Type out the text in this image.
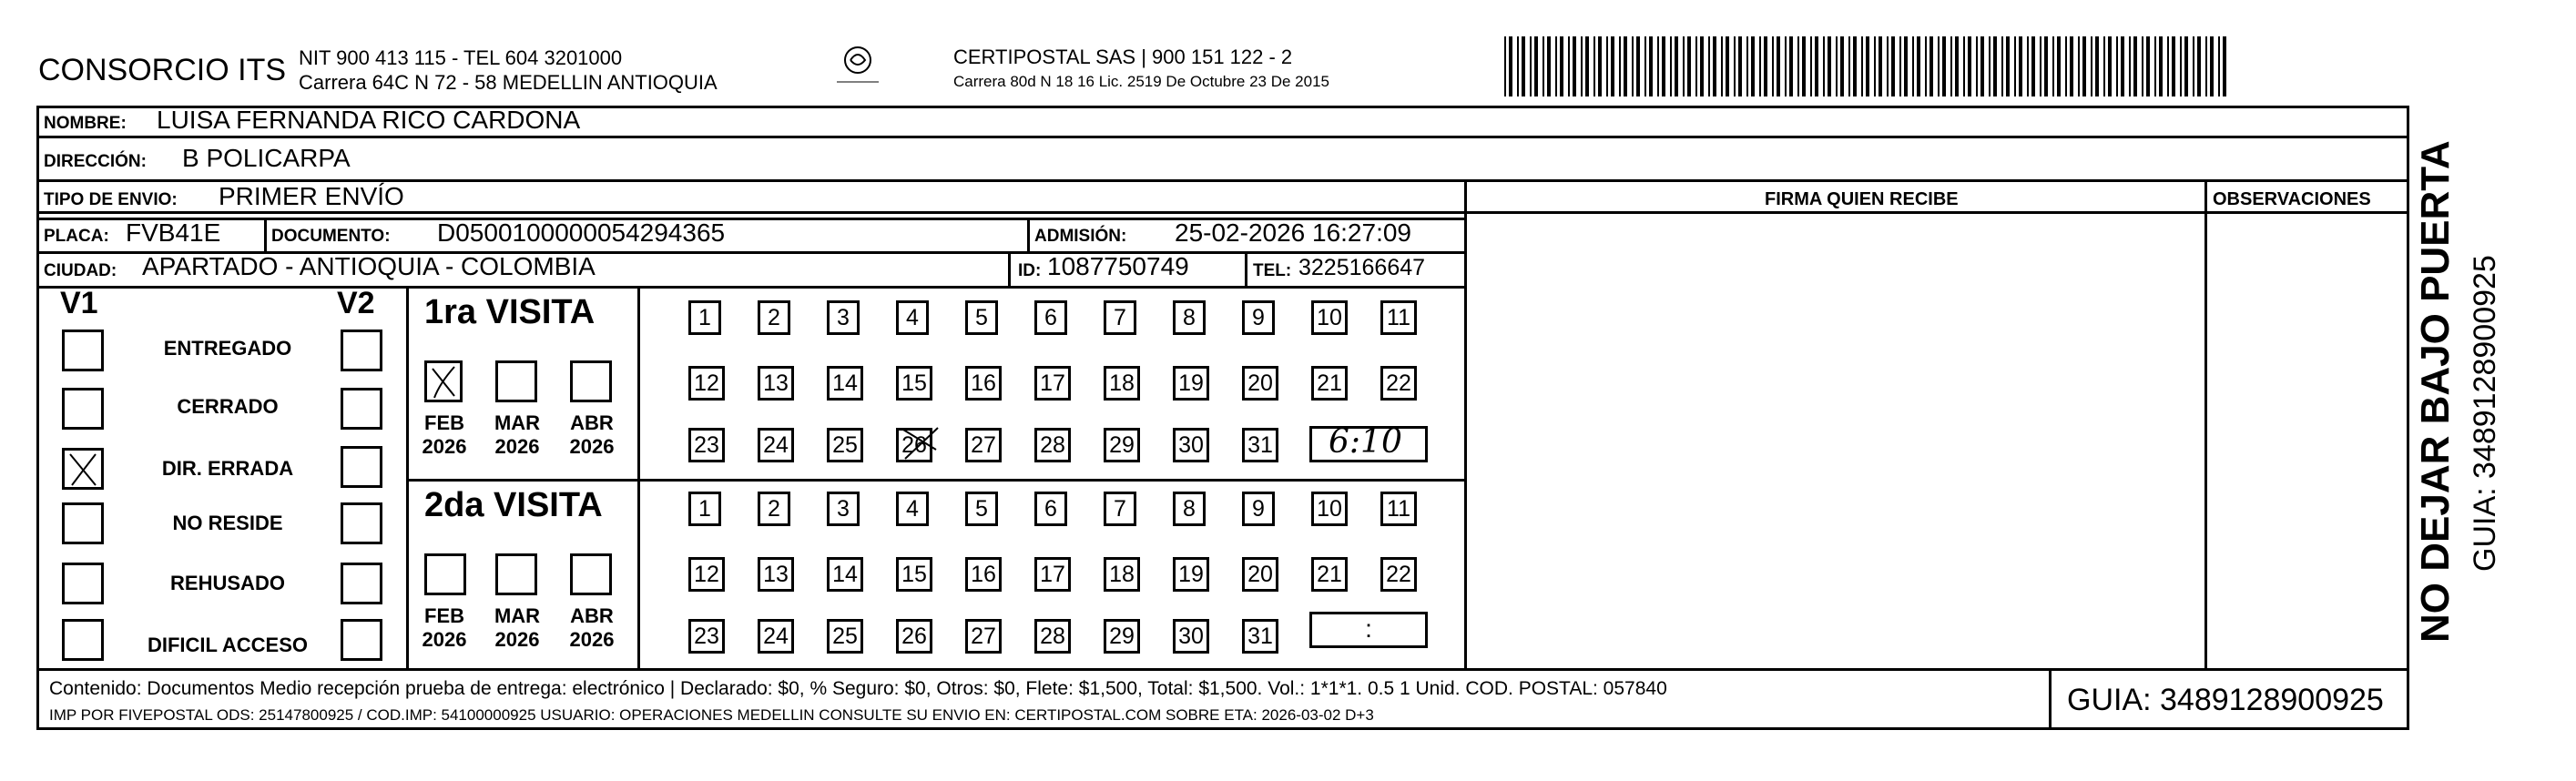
CONSORCIO ITS NIT 900 413 115 - TEL 604 3201000
Carrera 64C N 72 - 58 MEDELLIN ANTIOQUIA
CERTIPOSTAL SAS | 900 151 122 - 2
Carrera 80d N 18 16 Lic. 2519 De Octubre 23 De 2015
NOMBRE: LUISA FERNANDA RICO CARDONA
DIRECCIÓN: B POLICARPA
TIPO DE ENVIO: PRIMER ENVÍO	FIRMA QUIEN RECIBE	OBSERVACIONES
PLACA: FVB41E	DOCUMENTO: D0500100000054294365	ADMISIÓN: 25-02-2026 16:27:09
CIUDAD: APARTADO - ANTIOQUIA - COLOMBIA	ID: 1087750749	TEL: 3225166647
V1	V2
ENTREGADO
CERRADO
DIR. ERRADA
NO RESIDE
REHUSADO
DIFICIL ACCESO
1ra VISITA
FEB
2026
MAR
2026
ABR
2026
2da VISITA
FEB
2026
MAR
2026
ABR
2026
1	2	3	4	5	6	7	8	9	10 11
12 13 14 15 16 17 18 19 20 21 22
23 24 25 26 27 28 29 30 31 6:10
1	2	3	4	5	6	7	8	9	10 11
12 13 14 15 16 17 18 19 20 21 22
23 24 25 26 27 28 29 30 31	:	NO DEJAR BAJO PUERTA GUIA: 3489128900925
Contenido: Documentos Medio recepción prueba de entrega: electrónico | Declarado: $0, % Seguro: $0, Otros: $0, Flete: $1,500, Total: $1,500. Vol.: 1*1*1. 0.5 1 Unid. COD. POSTAL: 057840
IMP POR FIVEPOSTAL ODS: 25147800925 / COD.IMP: 54100000925 USUARIO: OPERACIONES MEDELLIN CONSULTE SU ENVIO EN: CERTIPOSTAL.COM SOBRE ETA: 2026-03-02 D+3	GUIA: 3489128900925
